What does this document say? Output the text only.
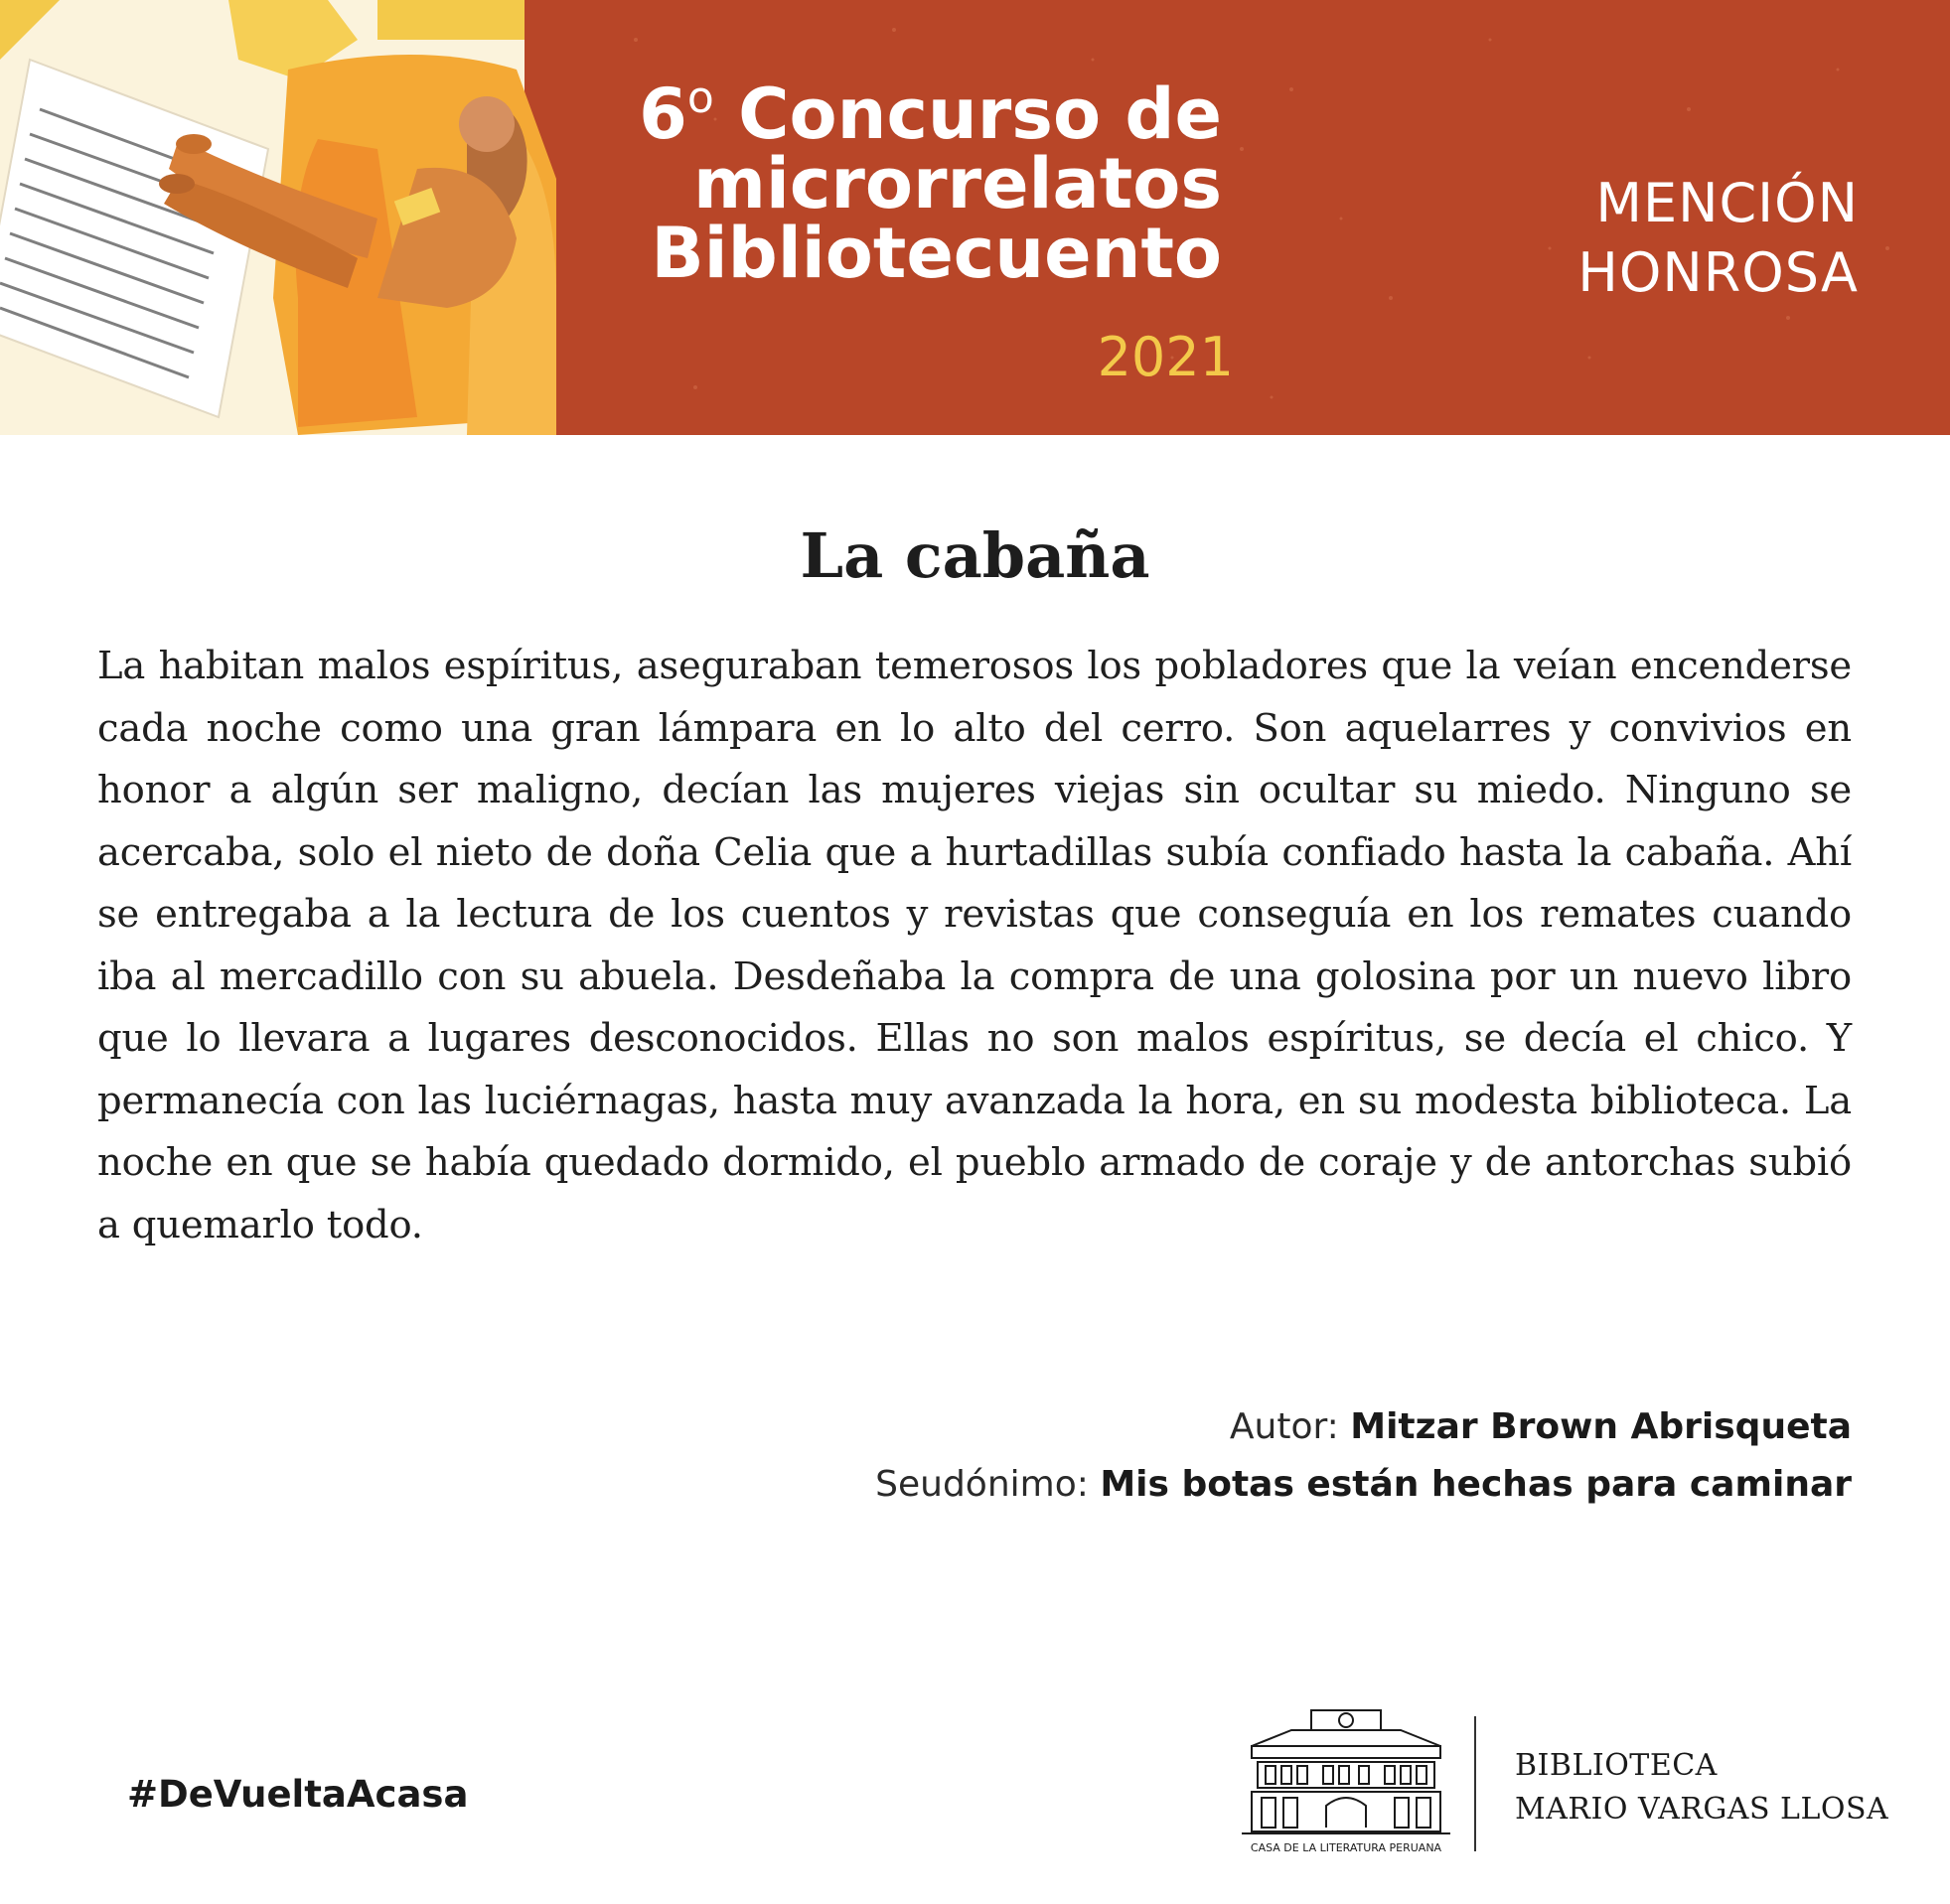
6$^o$ Concurso de
microrrelatos
Bibliotecuento
2021
MENCIÓN
HONROSA
La cabaña

La habitan malos espíritus, aseguraban temerosos los pobladores que la veían encenderse cada noche como una gran lámpara en lo alto del cerro. Son aquelarres y convivios en honor a algún ser maligno, decían las mujeres viejas sin ocultar su miedo. Ninguno se acercaba, solo el nieto de doña Celia que a hurtadillas subía confiado hasta la cabaña. Ahí se entregaba a la lectura de los cuentos y revistas que conseguía en los remates cuando iba al mercadillo con su abuela. Desdeñaba la compra de una golosina por un nuevo libro que lo llevara a lugares desconocidos. Ellas no son malos espíritus, se decía el chico. Y permanecía con las luciérnagas, hasta muy avanzada la hora, en su modesta biblioteca. La noche en que se había quedado dormido, el pueblo armado de coraje y de antorchas subió a quemarlo todo.

Autor: Mitzar Brown Abrisqueta
Seudónimo: Mis botas están hechas para caminar
#DeVueltaAcasa
CASA DE LA LITERATURA PERUANA
BIBLIOTECA
MARIO VARGAS LLOSA
